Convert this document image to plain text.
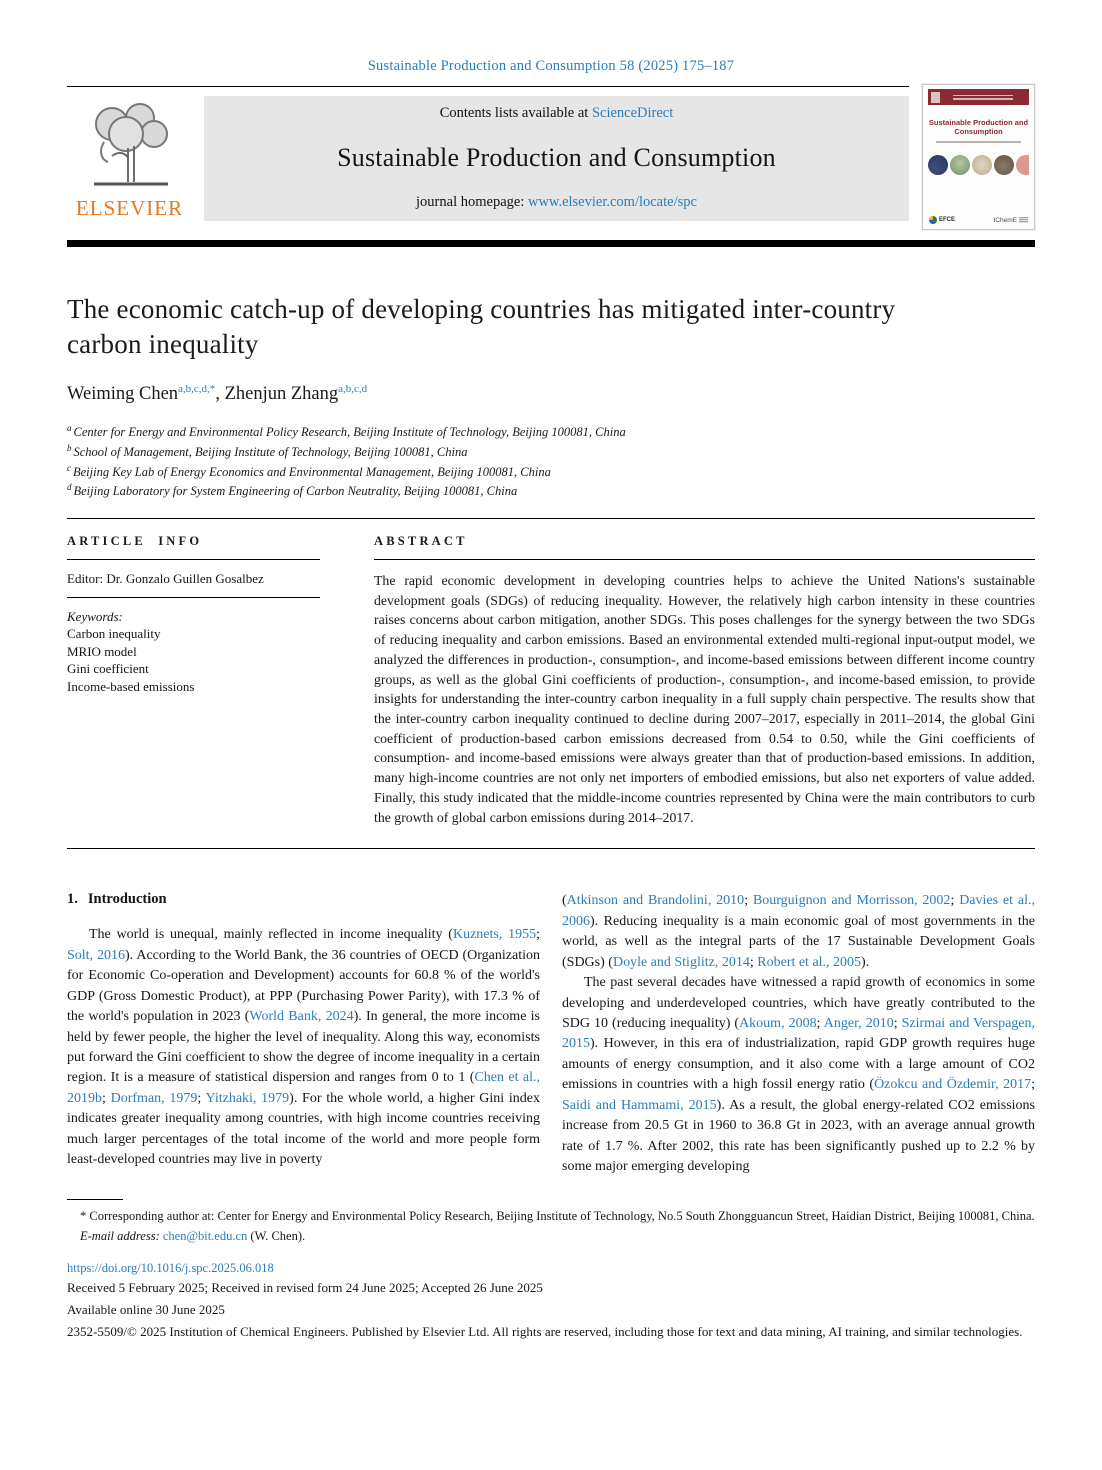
Sustainable Production and Consumption 58 (2025) 175–187
ELSEVIER
Contents lists available at ScienceDirect
Sustainable Production and Consumption
journal homepage: www.elsevier.com/locate/spc
Sustainable Production and Consumption
EFCE	IChemE
The economic catch-up of developing countries has mitigated inter-country carbon inequality
Weiming Chen$^{a,b,c,d,*}$, Zhenjun Zhang$^{a,b,c,d}$
$^a$ Center for Energy and Environmental Policy Research, Beijing Institute of Technology, Beijing 100081, China
$^b$ School of Management, Beijing Institute of Technology, Beijing 100081, China
$^c$ Beijing Key Lab of Energy Economics and Environmental Management, Beijing 100081, China
$^d$ Beijing Laboratory for System Engineering of Carbon Neutrality, Beijing 100081, China
ARTICLE INFO
Editor: Dr. Gonzalo Guillen Gosalbez
Keywords:
Carbon inequality
MRIO model
Gini coefficient
Income-based emissions
ABSTRACT

The rapid economic development in developing countries helps to achieve the United Nations's sustainable development goals (SDGs) of reducing inequality. However, the relatively high carbon intensity in these countries raises concerns about carbon mitigation, another SDGs. This poses challenges for the synergy between the two SDGs of reducing inequality and carbon emissions. Based an environmental extended multi-regional input-output model, we analyzed the differences in production-, consumption-, and income-based emissions between different income country groups, as well as the global Gini coefficients of production-, consumption-, and income-based emission, to provide insights for understanding the inter-country carbon inequality in a full supply chain perspective. The results show that the inter-country carbon inequality continued to decline during 2007–2017, especially in 2011–2014, the global Gini coefficient of production-based carbon emissions decreased from 0.54 to 0.50, while the Gini coefficients of consumption- and income-based emissions were always greater than that of production-based emissions. In addition, many high-income countries are not only net importers of embodied emissions, but also net exporters of value added. Finally, this study indicated that the middle-income countries represented by China were the main contributors to curb the growth of global carbon emissions during 2014–2017.

1. Introduction

The world is unequal, mainly reflected in income inequality (Kuznets, 1955; Solt, 2016). According to the World Bank, the 36 countries of OECD (Organization for Economic Co-operation and Development) accounts for 60.8 % of the world's GDP (Gross Domestic Product), at PPP (Purchasing Power Parity), with 17.3 % of the world's population in 2023 (World Bank, 2024). In general, the more income is held by fewer people, the higher the level of inequality. Along this way, economists put forward the Gini coefficient to show the degree of income inequality in a certain region. It is a measure of statistical dispersion and ranges from 0 to 1 (Chen et al., 2019b; Dorfman, 1979; Yitzhaki, 1979). For the whole world, a higher Gini index indicates greater inequality among countries, with high income countries receiving much larger percentages of the total income of the world and more people form least-developed countries may live in poverty

(Atkinson and Brandolini, 2010; Bourguignon and Morrisson, 2002; Davies et al., 2006). Reducing inequality is a main economic goal of most governments in the world, as well as the integral parts of the 17 Sustainable Development Goals (SDGs) (Doyle and Stiglitz, 2014; Robert et al., 2005).

The past several decades have witnessed a rapid growth of economics in some developing and underdeveloped countries, which have greatly contributed to the SDG 10 (reducing inequality) (Akoum, 2008; Anger, 2010; Szirmai and Verspagen, 2015). However, in this era of industrialization, rapid GDP growth requires huge amounts of energy consumption, and it also come with a large amount of CO2 emissions in countries with a high fossil energy ratio (Özokcu and Özdemir, 2017; Saidi and Hammami, 2015). As a result, the global energy-related CO2 emissions increase from 20.5 Gt in 1960 to 36.8 Gt in 2023, with an average annual growth rate of 1.7 %. After 2002, this rate has been significantly pushed up to 2.2 % by some major emerging developing

* Corresponding author at: Center for Energy and Environmental Policy Research, Beijing Institute of Technology, No.5 South Zhongguancun Street, Haidian District, Beijing 100081, China.

E-mail address: chen@bit.edu.cn (W. Chen).

https://doi.org/10.1016/j.spc.2025.06.018
Received 5 February 2025; Received in revised form 24 June 2025; Accepted 26 June 2025
Available online 30 June 2025
2352-5509/© 2025 Institution of Chemical Engineers. Published by Elsevier Ltd. All rights are reserved, including those for text and data mining, AI training, and similar technologies.
